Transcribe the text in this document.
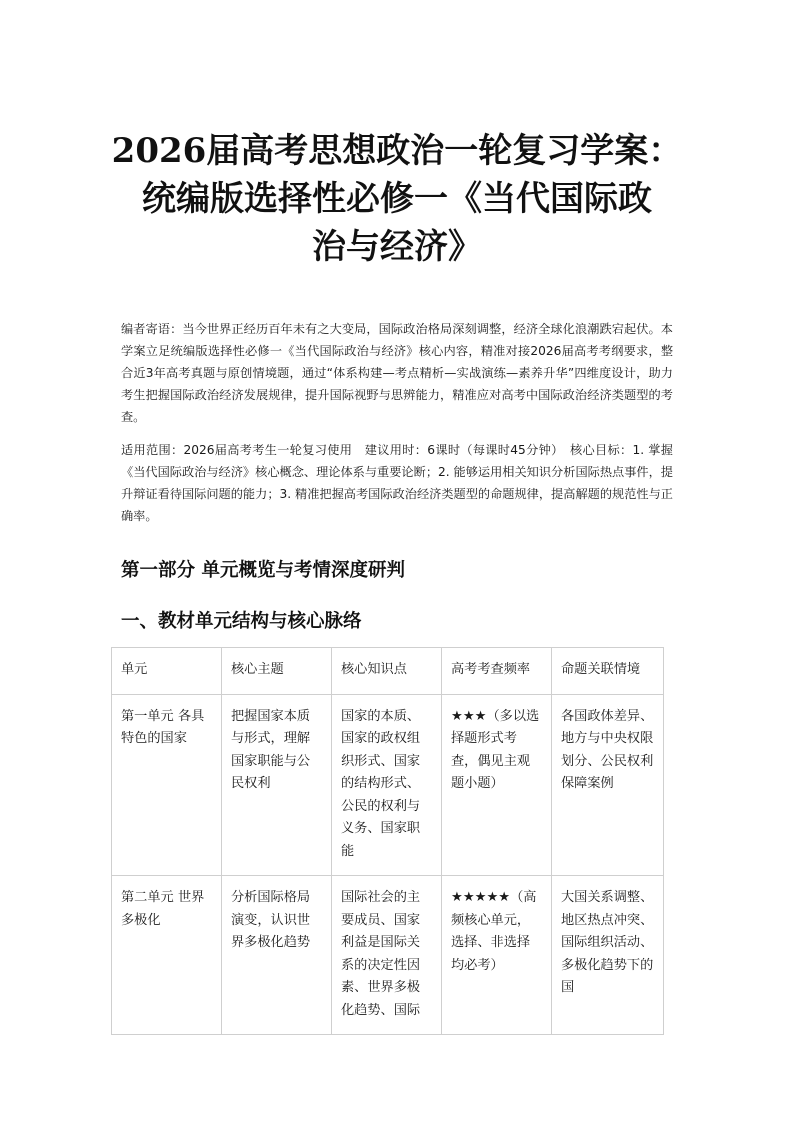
2026届高考思想政治一轮复习学案：
统编版选择性必修一《当代国际政
治与经济》
编者寄语：当今世界正经历百年未有之大变局，国际政治格局深刻调整，经济全球化浪潮跌宕起伏。本学案立足统编版选择性必修一《当代国际政治与经济》核心内容，精准对接2026届高考考纲要求，整合近3年高考真题与原创情境题，通过“体系构建—考点精析—实战演练—素养升华”四维度设计，助力考生把握国际政治经济发展规律，提升国际视野与思辨能力，精准应对高考中国际政治经济类题型的考查。
适用范围：2026届高考考生一轮复习使用　建议用时：6课时（每课时45分钟）　核心目标：1. 掌握《当代国际政治与经济》核心概念、理论体系与重要论断；2. 能够运用相关知识分析国际热点事件，提升辩证看待国际问题的能力；3. 精准把握高考国际政治经济类题型的命题规律，提高解题的规范性与正确率。
第一部分 单元概览与考情深度研判
一、教材单元结构与核心脉络
单元	核心主题	核心知识点	高考考查频率	命题关联情境
第一单元 各具特色的国家	把握国家本质与形式，理解国家职能与公民权利	国家的本质、国家的政权组织形式、国家的结构形式、公民的权利与义务、国家职能	★★★（多以选择题形式考查，偶见主观题小题）	各国政体差异、地方与中央权限划分、公民权利保障案例
第二单元 世界多极化	分析国际格局演变，认识世界多极化趋势	国际社会的主要成员、国家利益是国际关系的决定性因素、世界多极化趋势、国际	★★★★★（高频核心单元，选择、非选择均必考）	大国关系调整、地区热点冲突、国际组织活动、多极化趋势下的国
